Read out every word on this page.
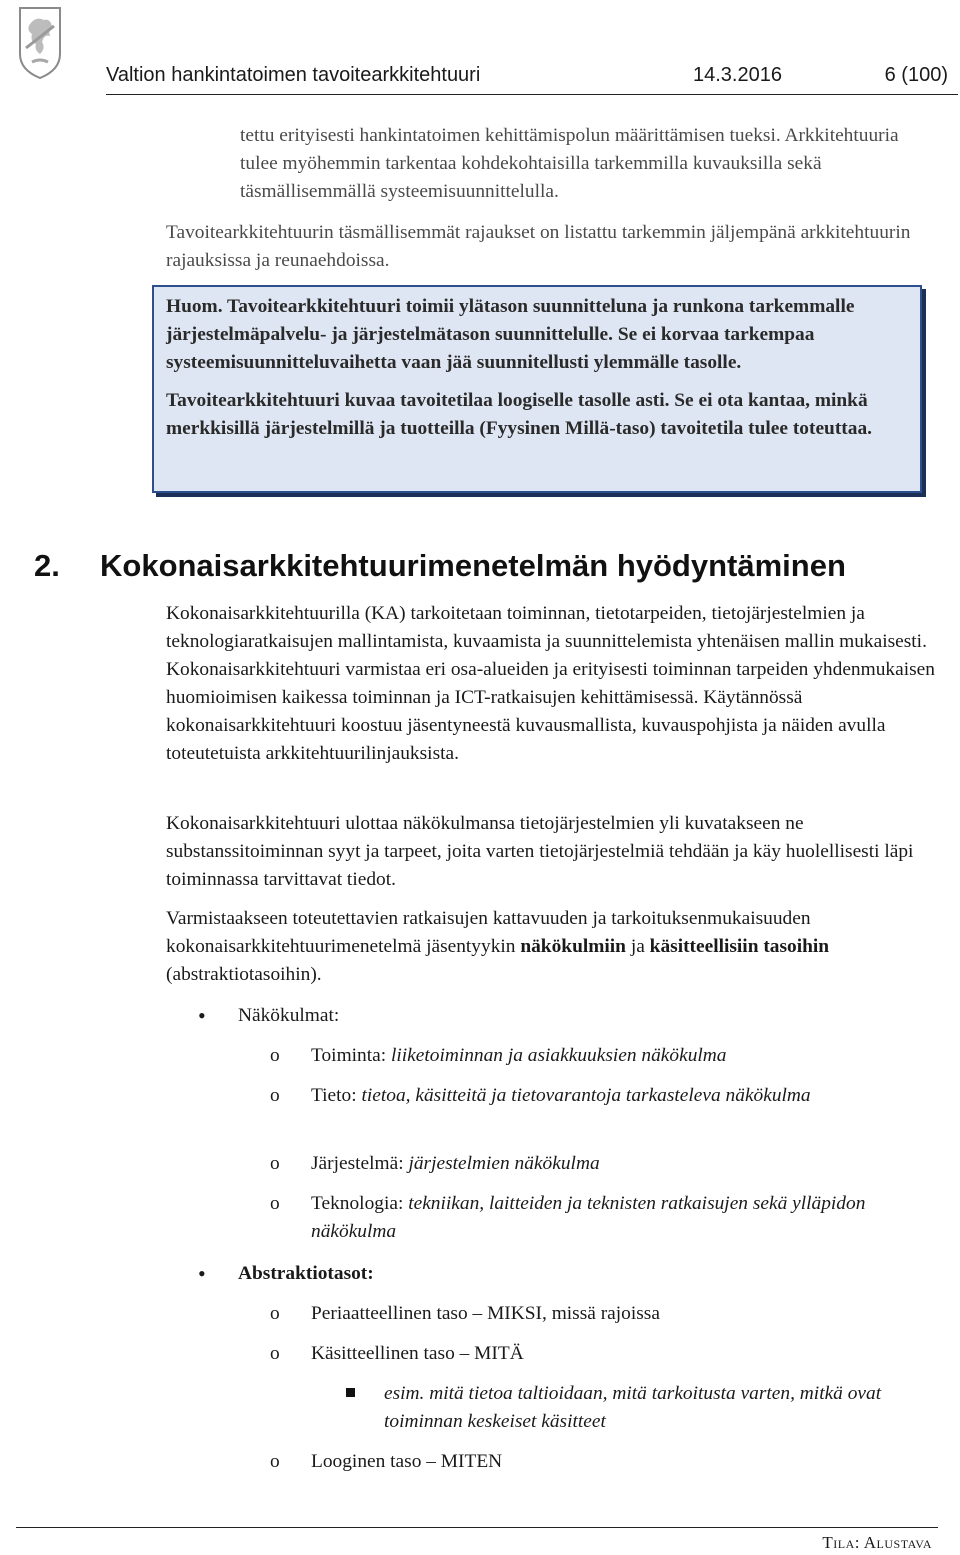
Valtion hankintatoimen tavoitearkkitehtuuri	14.3.2016	6 (100)

tettu erityisesti hankintatoimen kehittämispolun määrittämisen tueksi. Arkkitehtuuria tulee myöhemmin tarkentaa kohdekohtaisilla tarkemmilla kuvauksilla sekä täsmällisemmällä systeemisuunnittelulla.

Tavoitearkkitehtuurin täsmällisemmät rajaukset on listattu tarkemmin jäljempänä arkkitehtuurin rajauksissa ja reunaehdoissa.

Huom. Tavoitearkkitehtuuri toimii ylätason suunnitteluna ja runkona tarkemmalle järjestelmäpalvelu- ja järjestelmätason suunnittelulle. Se ei korvaa tarkempaa systeemisuunnitteluvaihetta vaan jää suunnitellusti ylemmälle tasolle.

Tavoitearkkitehtuuri kuvaa tavoitetilaa loogiselle tasolle asti. Se ei ota kantaa, minkä merkkisillä järjestelmillä ja tuotteilla (Fyysinen Millä-taso) tavoitetila tulee toteuttaa.

2. Kokonaisarkkitehtuurimenetelmän hyödyntäminen

Kokonaisarkkitehtuurilla (KA) tarkoitetaan toiminnan, tietotarpeiden, tietojärjestelmien ja teknologiaratkaisujen mallintamista, kuvaamista ja suunnittelemista yhtenäisen mallin mukaisesti. Kokonaisarkkitehtuuri varmistaa eri osa-alueiden ja erityisesti toiminnan tarpeiden yhdenmukaisen huomioimisen kaikessa toiminnan ja ICT-ratkaisujen kehittämisessä. Käytännössä kokonaisarkkitehtuuri koostuu jäsentyneestä kuvausmallista, kuvauspohjista ja näiden avulla toteutetuista arkkitehtuurilinjauksista.

Kokonaisarkkitehtuuri ulottaa näkökulmansa tietojärjestelmien yli kuvatakseen ne substanssitoiminnan syyt ja tarpeet, joita varten tietojärjestelmiä tehdään ja käy huolellisesti läpi toiminnassa tarvittavat tiedot.

Varmistaakseen toteutettavien ratkaisujen kattavuuden ja tarkoituksenmukaisuuden kokonaisarkkitehtuurimenetelmä jäsentyykin näkökulmiin ja käsitteellisiin tasoihin (abstraktiotasoihin).

• Näkökulmat:
o Toiminta: liiketoiminnan ja asiakkuuksien näkökulma
o Tieto: tietoa, käsitteitä ja tietovarantoja tarkasteleva näkökulma
o Järjestelmä: järjestelmien näkökulma
o Teknologia: tekniikan, laitteiden ja teknisten ratkaisujen sekä ylläpidon näkökulma
• Abstraktiotasot:
o Periaatteellinen taso – MIKSI, missä rajoissa
o Käsitteellinen taso – MITÄ
esim. mitä tietoa taltioidaan, mitä tarkoitusta varten, mitkä ovat toiminnan keskeiset käsitteet
o Looginen taso – MITEN
Tila: Alustava
